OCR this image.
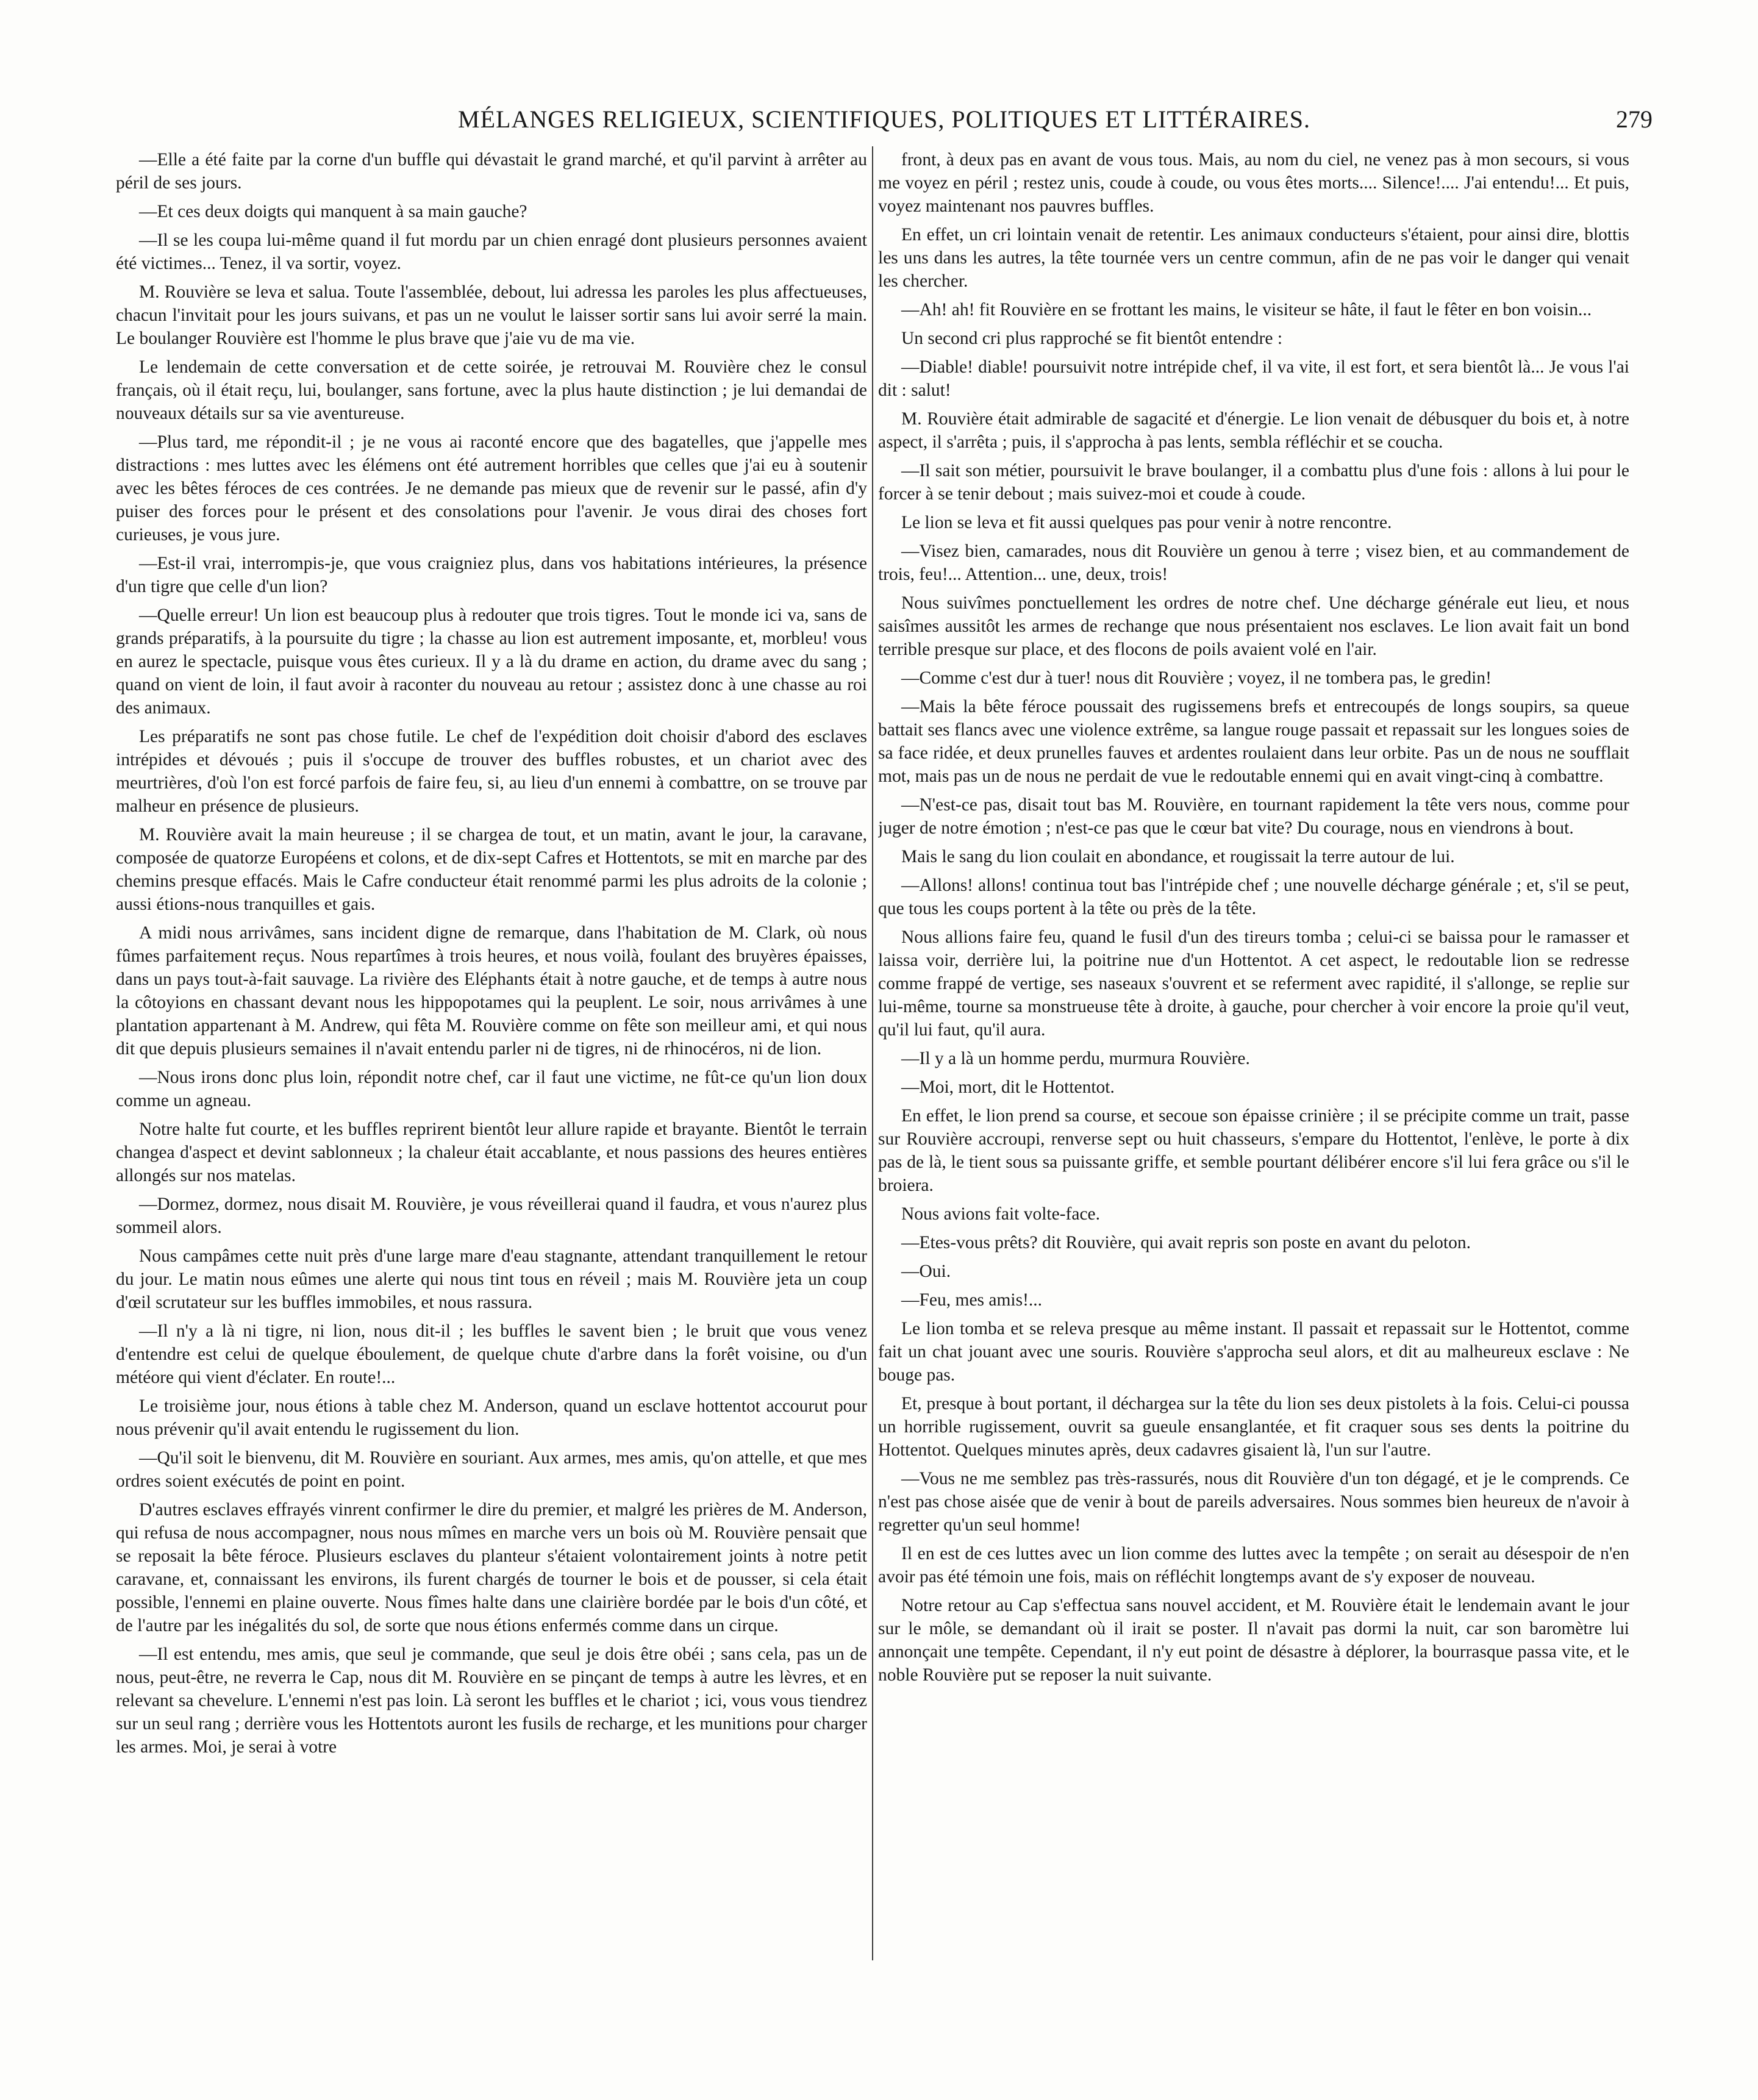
MÉLANGES RELIGIEUX, SCIENTIFIQUES, POLITIQUES ET LITTÉRAIRES.	279

—Elle a été faite par la corne d'un buffle qui dévastait le grand marché, et qu'il parvint à arrêter au péril de ses jours.

—Et ces deux doigts qui manquent à sa main gauche?

—Il se les coupa lui-même quand il fut mordu par un chien enragé dont plusieurs personnes avaient été victimes... Tenez, il va sortir, voyez.

M. Rouvière se leva et salua. Toute l'assemblée, debout, lui adressa les paroles les plus affectueuses, chacun l'invitait pour les jours suivans, et pas un ne voulut le laisser sortir sans lui avoir serré la main. Le boulanger Rouvière est l'homme le plus brave que j'aie vu de ma vie.

Le lendemain de cette conversation et de cette soirée, je retrouvai M. Rouvière chez le consul français, où il était reçu, lui, boulanger, sans fortune, avec la plus haute distinction ; je lui demandai de nouveaux détails sur sa vie aventureuse.

—Plus tard, me répondit-il ; je ne vous ai raconté encore que des bagatelles, que j'appelle mes distractions : mes luttes avec les élémens ont été autrement horribles que celles que j'ai eu à soutenir avec les bêtes féroces de ces contrées. Je ne demande pas mieux que de revenir sur le passé, afin d'y puiser des forces pour le présent et des consolations pour l'avenir. Je vous dirai des choses fort curieuses, je vous jure.

—Est-il vrai, interrompis-je, que vous craigniez plus, dans vos habitations intérieures, la présence d'un tigre que celle d'un lion?

—Quelle erreur! Un lion est beaucoup plus à redouter que trois tigres. Tout le monde ici va, sans de grands préparatifs, à la poursuite du tigre ; la chasse au lion est autrement imposante, et, morbleu! vous en aurez le spectacle, puisque vous êtes curieux. Il y a là du drame en action, du drame avec du sang ; quand on vient de loin, il faut avoir à raconter du nouveau au retour ; assistez donc à une chasse au roi des animaux.

Les préparatifs ne sont pas chose futile. Le chef de l'expédition doit choisir d'abord des esclaves intrépides et dévoués ; puis il s'occupe de trouver des buffles robustes, et un chariot avec des meurtrières, d'où l'on est forcé parfois de faire feu, si, au lieu d'un ennemi à combattre, on se trouve par malheur en présence de plusieurs.

M. Rouvière avait la main heureuse ; il se chargea de tout, et un matin, avant le jour, la caravane, composée de quatorze Européens et colons, et de dix-sept Cafres et Hottentots, se mit en marche par des chemins presque effacés. Mais le Cafre conducteur était renommé parmi les plus adroits de la colonie ; aussi étions-nous tranquilles et gais.

A midi nous arrivâmes, sans incident digne de remarque, dans l'habitation de M. Clark, où nous fûmes parfaitement reçus. Nous repartîmes à trois heures, et nous voilà, foulant des bruyères épaisses, dans un pays tout-à-fait sauvage. La rivière des Eléphants était à notre gauche, et de temps à autre nous la côtoyions en chassant devant nous les hippopotames qui la peuplent. Le soir, nous arrivâmes à une plantation appartenant à M. Andrew, qui fêta M. Rouvière comme on fête son meilleur ami, et qui nous dit que depuis plusieurs semaines il n'avait entendu parler ni de tigres, ni de rhinocéros, ni de lion.

—Nous irons donc plus loin, répondit notre chef, car il faut une victime, ne fût-ce qu'un lion doux comme un agneau.

Notre halte fut courte, et les buffles reprirent bientôt leur allure rapide et brayante. Bientôt le terrain changea d'aspect et devint sablonneux ; la chaleur était accablante, et nous passions des heures entières allongés sur nos matelas.

—Dormez, dormez, nous disait M. Rouvière, je vous réveillerai quand il faudra, et vous n'aurez plus sommeil alors.

Nous campâmes cette nuit près d'une large mare d'eau stagnante, attendant tranquillement le retour du jour. Le matin nous eûmes une alerte qui nous tint tous en réveil ; mais M. Rouvière jeta un coup d'œil scrutateur sur les buffles immobiles, et nous rassura.

—Il n'y a là ni tigre, ni lion, nous dit-il ; les buffles le savent bien ; le bruit que vous venez d'entendre est celui de quelque éboulement, de quelque chute d'arbre dans la forêt voisine, ou d'un météore qui vient d'éclater. En route!...

Le troisième jour, nous étions à table chez M. Anderson, quand un esclave hottentot accourut pour nous prévenir qu'il avait entendu le rugissement du lion.

—Qu'il soit le bienvenu, dit M. Rouvière en souriant. Aux armes, mes amis, qu'on attelle, et que mes ordres soient exécutés de point en point.

D'autres esclaves effrayés vinrent confirmer le dire du premier, et malgré les prières de M. Anderson, qui refusa de nous accompagner, nous nous mîmes en marche vers un bois où M. Rouvière pensait que se reposait la bête féroce. Plusieurs esclaves du planteur s'étaient volontairement joints à notre petit caravane, et, connaissant les environs, ils furent chargés de tourner le bois et de pousser, si cela était possible, l'ennemi en plaine ouverte. Nous fîmes halte dans une clairière bordée par le bois d'un côté, et de l'autre par les inégalités du sol, de sorte que nous étions enfermés comme dans un cirque.

—Il est entendu, mes amis, que seul je commande, que seul je dois être obéi ; sans cela, pas un de nous, peut-être, ne reverra le Cap, nous dit M. Rouvière en se pinçant de temps à autre les lèvres, et en relevant sa chevelure. L'ennemi n'est pas loin. Là seront les buffles et le chariot ; ici, vous vous tiendrez sur un seul rang ; derrière vous les Hottentots auront les fusils de recharge, et les munitions pour charger les armes. Moi, je serai à votre

front, à deux pas en avant de vous tous. Mais, au nom du ciel, ne venez pas à mon secours, si vous me voyez en péril ; restez unis, coude à coude, ou vous êtes morts.... Silence!.... J'ai entendu!... Et puis, voyez maintenant nos pauvres buffles.

En effet, un cri lointain venait de retentir. Les animaux conducteurs s'étaient, pour ainsi dire, blottis les uns dans les autres, la tête tournée vers un centre commun, afin de ne pas voir le danger qui venait les chercher.

—Ah! ah! fit Rouvière en se frottant les mains, le visiteur se hâte, il faut le fêter en bon voisin...

Un second cri plus rapproché se fit bientôt entendre :

—Diable! diable! poursuivit notre intrépide chef, il va vite, il est fort, et sera bientôt là... Je vous l'ai dit : salut!

M. Rouvière était admirable de sagacité et d'énergie. Le lion venait de débusquer du bois et, à notre aspect, il s'arrêta ; puis, il s'approcha à pas lents, sembla réfléchir et se coucha.

—Il sait son métier, poursuivit le brave boulanger, il a combattu plus d'une fois : allons à lui pour le forcer à se tenir debout ; mais suivez-moi et coude à coude.

Le lion se leva et fit aussi quelques pas pour venir à notre rencontre.

—Visez bien, camarades, nous dit Rouvière un genou à terre ; visez bien, et au commandement de trois, feu!... Attention... une, deux, trois!

Nous suivîmes ponctuellement les ordres de notre chef. Une décharge générale eut lieu, et nous saisîmes aussitôt les armes de rechange que nous présentaient nos esclaves. Le lion avait fait un bond terrible presque sur place, et des flocons de poils avaient volé en l'air.

—Comme c'est dur à tuer! nous dit Rouvière ; voyez, il ne tombera pas, le gredin!

—Mais la bête féroce poussait des rugissemens brefs et entrecoupés de longs soupirs, sa queue battait ses flancs avec une violence extrême, sa langue rouge passait et repassait sur les longues soies de sa face ridée, et deux prunelles fauves et ardentes roulaient dans leur orbite. Pas un de nous ne soufflait mot, mais pas un de nous ne perdait de vue le redoutable ennemi qui en avait vingt-cinq à combattre.

—N'est-ce pas, disait tout bas M. Rouvière, en tournant rapidement la tête vers nous, comme pour juger de notre émotion ; n'est-ce pas que le cœur bat vite? Du courage, nous en viendrons à bout.

Mais le sang du lion coulait en abondance, et rougissait la terre autour de lui.

—Allons! allons! continua tout bas l'intrépide chef ; une nouvelle décharge générale ; et, s'il se peut, que tous les coups portent à la tête ou près de la tête.

Nous allions faire feu, quand le fusil d'un des tireurs tomba ; celui-ci se baissa pour le ramasser et laissa voir, derrière lui, la poitrine nue d'un Hottentot. A cet aspect, le redoutable lion se redresse comme frappé de vertige, ses naseaux s'ouvrent et se referment avec rapidité, il s'allonge, se replie sur lui-même, tourne sa monstrueuse tête à droite, à gauche, pour chercher à voir encore la proie qu'il veut, qu'il lui faut, qu'il aura.

—Il y a là un homme perdu, murmura Rouvière.

—Moi, mort, dit le Hottentot.

En effet, le lion prend sa course, et secoue son épaisse crinière ; il se précipite comme un trait, passe sur Rouvière accroupi, renverse sept ou huit chasseurs, s'empare du Hottentot, l'enlève, le porte à dix pas de là, le tient sous sa puissante griffe, et semble pourtant délibérer encore s'il lui fera grâce ou s'il le broiera.

Nous avions fait volte-face.

—Etes-vous prêts? dit Rouvière, qui avait repris son poste en avant du peloton.

—Oui.

—Feu, mes amis!...

Le lion tomba et se releva presque au même instant. Il passait et repassait sur le Hottentot, comme fait un chat jouant avec une souris. Rouvière s'approcha seul alors, et dit au malheureux esclave : Ne bouge pas.

Et, presque à bout portant, il déchargea sur la tête du lion ses deux pistolets à la fois. Celui-ci poussa un horrible rugissement, ouvrit sa gueule ensanglantée, et fit craquer sous ses dents la poitrine du Hottentot. Quelques minutes après, deux cadavres gisaient là, l'un sur l'autre.

—Vous ne me semblez pas très-rassurés, nous dit Rouvière d'un ton dégagé, et je le comprends. Ce n'est pas chose aisée que de venir à bout de pareils adversaires. Nous sommes bien heureux de n'avoir à regretter qu'un seul homme!

Il en est de ces luttes avec un lion comme des luttes avec la tempête ; on serait au désespoir de n'en avoir pas été témoin une fois, mais on réfléchit longtemps avant de s'y exposer de nouveau.

Notre retour au Cap s'effectua sans nouvel accident, et M. Rouvière était le lendemain avant le jour sur le môle, se demandant où il irait se poster. Il n'avait pas dormi la nuit, car son baromètre lui annonçait une tempête. Cependant, il n'y eut point de désastre à déplorer, la bourrasque passa vite, et le noble Rouvière put se reposer la nuit suivante.
